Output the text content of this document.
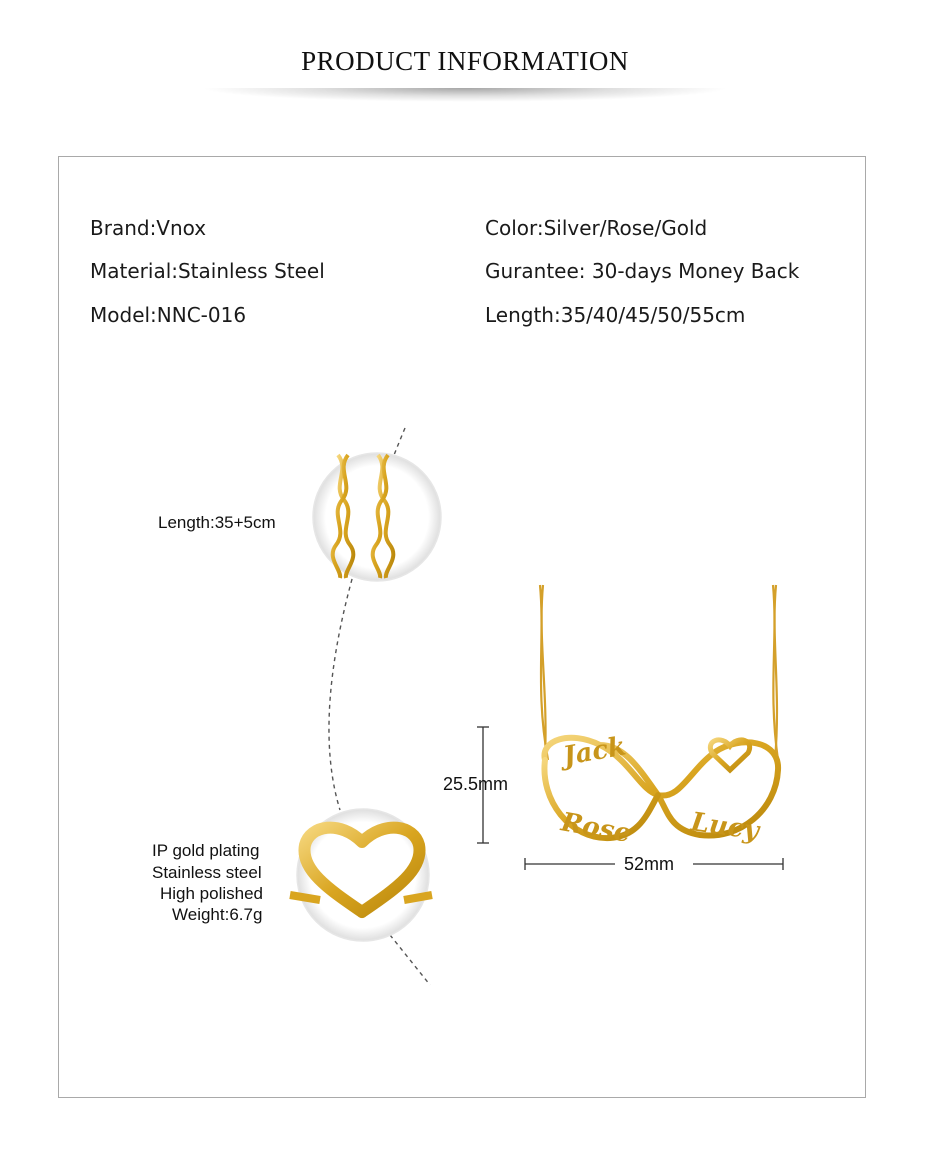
PRODUCT INFORMATION
Brand:Vnox
Material:Stainless Steel
Model:NNC-016
Color:Silver/Rose/Gold
Gurantee: 30-days Money Back
Length:35/40/45/50/55cm
Jack
Rose Lucy
Length:35+5cm
IP gold plating
Stainless steel
High polished
Weight:6.7g
25.5mm
52mm
